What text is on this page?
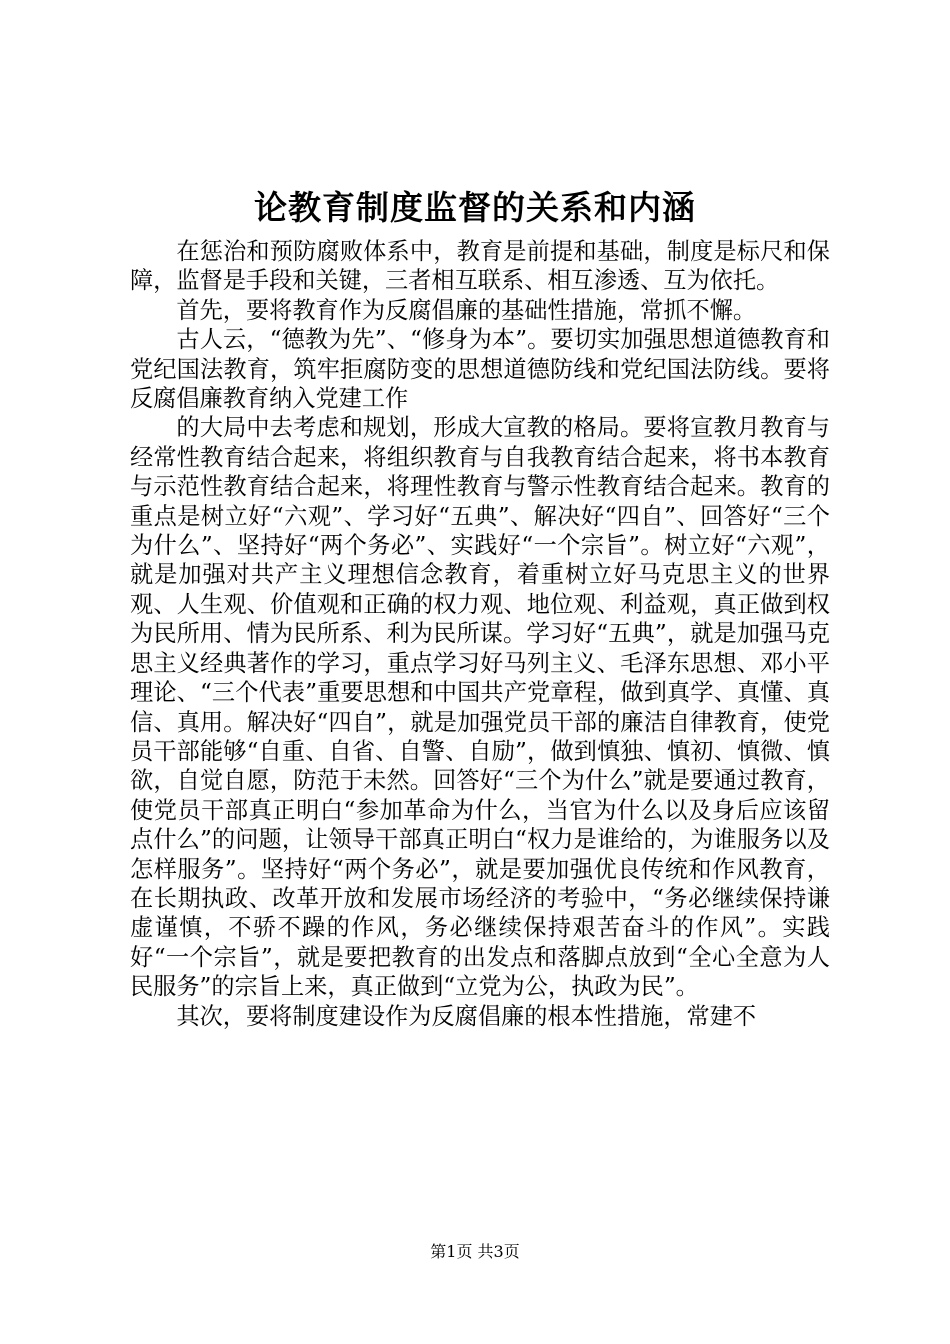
论教育制度监督的关系和内涵

在惩治和预防腐败体系中，教育是前提和基础，制度是标尺和保障，监督是手段和关键，三者相互联系、相互渗透、互为依托。

首先，要将教育作为反腐倡廉的基础性措施，常抓不懈。

古人云，“德教为先”、“修身为本”。要切实加强思想道德教育和党纪国法教育，筑牢拒腐防变的思想道德防线和党纪国法防线。要将反腐倡廉教育纳入党建工作

的大局中去考虑和规划，形成大宣教的格局。要将宣教月教育与经常性教育结合起来，将组织教育与自我教育结合起来，将书本教育与示范性教育结合起来，将理性教育与警示性教育结合起来。教育的重点是树立好“六观”、学习好“五典”、解决好“四自”、回答好“三个为什么”、坚持好“两个务必”、实践好“一个宗旨”。树立好“六观”，就是加强对共产主义理想信念教育，着重树立好马克思主义的世界观、人生观、价值观和正确的权力观、地位观、利益观，真正做到权为民所用、情为民所系、利为民所谋。学习好“五典”，就是加强马克思主义经典著作的学习，重点学习好马列主义、毛泽东思想、邓小平理论、“三个代表”重要思想和中国共产党章程，做到真学、真懂、真信、真用。解决好“四自”，就是加强党员干部的廉洁自律教育，使党员干部能够“自重、自省、自警、自励”，做到慎独、慎初、慎微、慎欲，自觉自愿，防范于未然。回答好“三个为什么”就是要通过教育，使党员干部真正明白“参加革命为什么，当官为什么以及身后应该留点什么”的问题，让领导干部真正明白“权力是谁给的，为谁服务以及怎样服务”。坚持好“两个务必”，就是要加强优良传统和作风教育，在长期执政、改革开放和发展市场经济的考验中，“务必继续保持谦虚谨慎，不骄不躁的作风，务必继续保持艰苦奋斗的作风”。实践好“一个宗旨”，就是要把教育的出发点和落脚点放到“全心全意为人民服务”的宗旨上来，真正做到“立党为公，执政为民”。

其次，要将制度建设作为反腐倡廉的根本性措施，常建不

第1页 共3页
